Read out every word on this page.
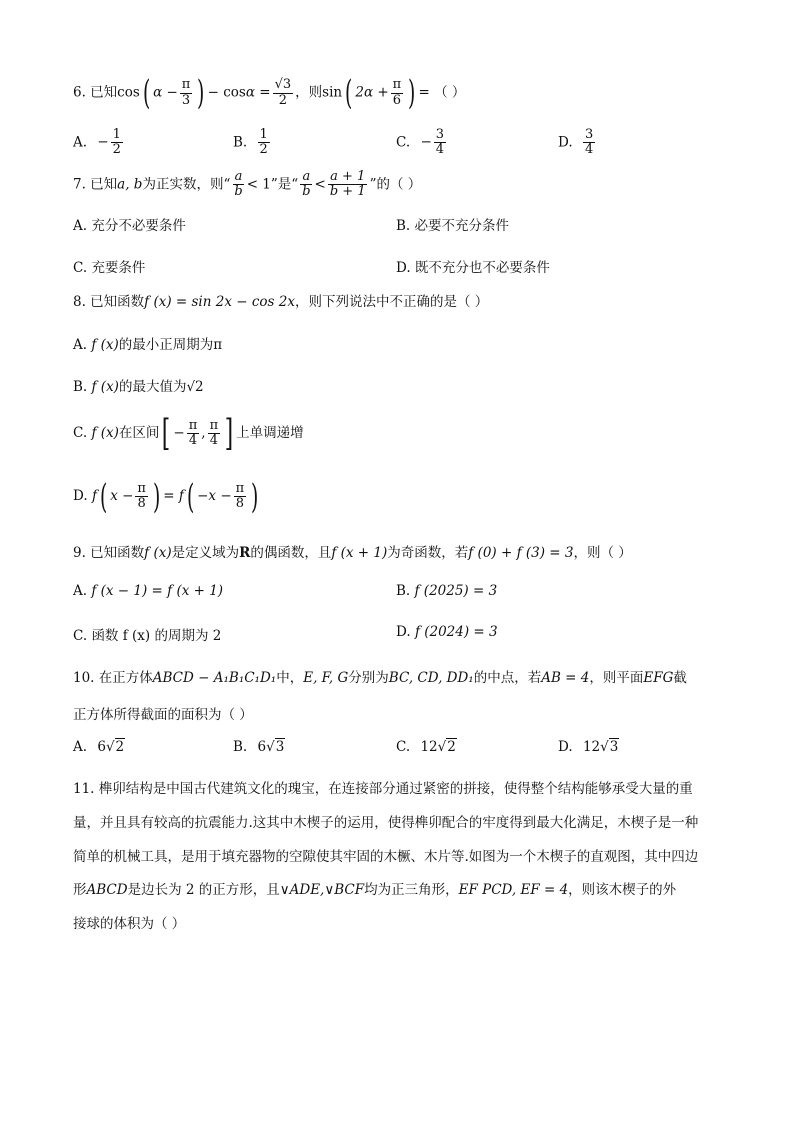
6. 已知cos( $\alpha - \frac{\pi}{3}$ ) − $\cos\alpha = \frac{√3}{2}$ ，则sin( $2\alpha + \frac{\pi}{6}$ ) = （ ）
A. − $\frac{1}{2}$	B. $\frac{1}{2}$	C. − $\frac{3}{4}$	D. $\frac{3}{4}$
7. 已知a, b为正实数，则“ $\frac{a}{b} < 1$”是“ $\frac{a}{b} < \frac{a + 1}{b + 1}$ ”的（ ）
A. 充分不必要条件	B. 必要不充分条件
C. 充要条件	D. 既不充分也不必要条件
8. 已知函数f (x) = sin 2x − cos 2x，则下列说法中不正确的是（ ）
A. f (x)的最小正周期为π
B. f (x)的最大值为√2
C. f (x)在区间[ − $\frac{\pi}{4}$ , $\frac{\pi}{4}$ ] 上单调递增
D. f( $x - \frac{\pi}{8}$ ) = $f( -x - \frac{\pi}{8}$ )
9. 已知函数f (x)是定义域为R的偶函数，且f (x + 1)为奇函数，若f (0) + f (3) = 3，则（ ）
A. f (x − 1) = f (x + 1)	B. f (2025) = 3
C. 函数 f (x) 的周期为 2	D. f (2024) = 3
10. 在正方体ABCD − A₁B₁C₁D₁中，E, F, G分别为BC, CD, DD₁的中点，若AB = 4，则平面EFG截
正方体所得截面的面积为（ ）
A. 6√2	B. 6√3	C. 12√2	D. 12√3
11. 榫卯结构是中国古代建筑文化的瑰宝，在连接部分通过紧密的拼接，使得整个结构能够承受大量的重
量，并且具有较高的抗震能力.这其中木楔子的运用，使得榫卯配合的牢度得到最大化满足，木楔子是一种
简单的机械工具，是用于填充器物的空隙使其牢固的木橛、木片等.如图为一个木楔子的直观图，其中四边
形ABCD是边长为 2 的正方形，且∨ADE,∨BCF均为正三角形，EF PCD, EF = 4，则该木楔子的外
接球的体积为（ ）
